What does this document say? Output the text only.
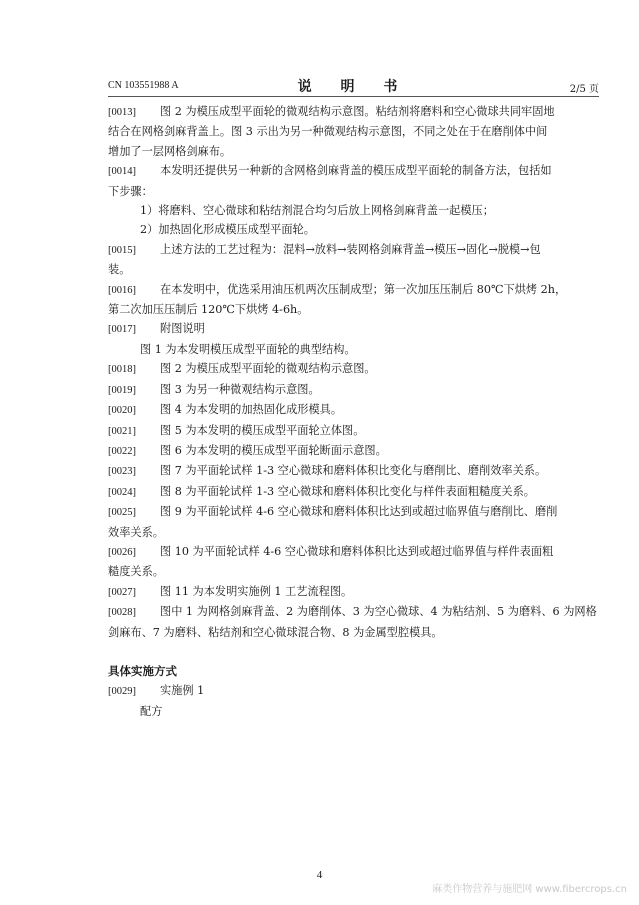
CN 103551988 A	说 明 书	2/5 页
[0013] 图 2 为模压成型平面轮的微观结构示意图。粘结剂将磨料和空心微球共同牢固地
结合在网格剑麻背盖上。图 3 示出为另一种微观结构示意图，不同之处在于在磨削体中间
增加了一层网格剑麻布。
[0014] 本发明还提供另一种新的含网格剑麻背盖的模压成型平面轮的制备方法，包括如
下步骤：
1）将磨料、空心微球和粘结剂混合均匀后放上网格剑麻背盖一起模压；
2）加热固化形成模压成型平面轮。
[0015] 上述方法的工艺过程为：混料→放料→装网格剑麻背盖→模压→固化→脱模→包
装。
[0016] 在本发明中，优选采用油压机两次压制成型；第一次加压压制后 80℃下烘烤 2h，
第二次加压压制后 120℃下烘烤 4-6h。
[0017] 附图说明
图 1 为本发明模压成型平面轮的典型结构。
[0018] 图 2 为模压成型平面轮的微观结构示意图。
[0019] 图 3 为另一种微观结构示意图。
[0020] 图 4 为本发明的加热固化成形模具。
[0021] 图 5 为本发明的模压成型平面轮立体图。
[0022] 图 6 为本发明的模压成型平面轮断面示意图。
[0023] 图 7 为平面轮试样 1-3 空心微球和磨料体积比变化与磨削比、磨削效率关系。
[0024] 图 8 为平面轮试样 1-3 空心微球和磨料体积比变化与样件表面粗糙度关系。
[0025] 图 9 为平面轮试样 4-6 空心微球和磨料体积比达到或超过临界值与磨削比、磨削
效率关系。
[0026] 图 10 为平面轮试样 4-6 空心微球和磨料体积比达到或超过临界值与样件表面粗
糙度关系。
[0027] 图 11 为本发明实施例 1 工艺流程图。
[0028] 图中 1 为网格剑麻背盖、2 为磨削体、3 为空心微球、4 为粘结剂、5 为磨料、6 为网格
剑麻布、7 为磨料、粘结剂和空心微球混合物、8 为金属型腔模具。
具体实施方式
[0029] 实施例 1
配方
4
麻类作物营养与施肥网 www.fibercrops.cn
